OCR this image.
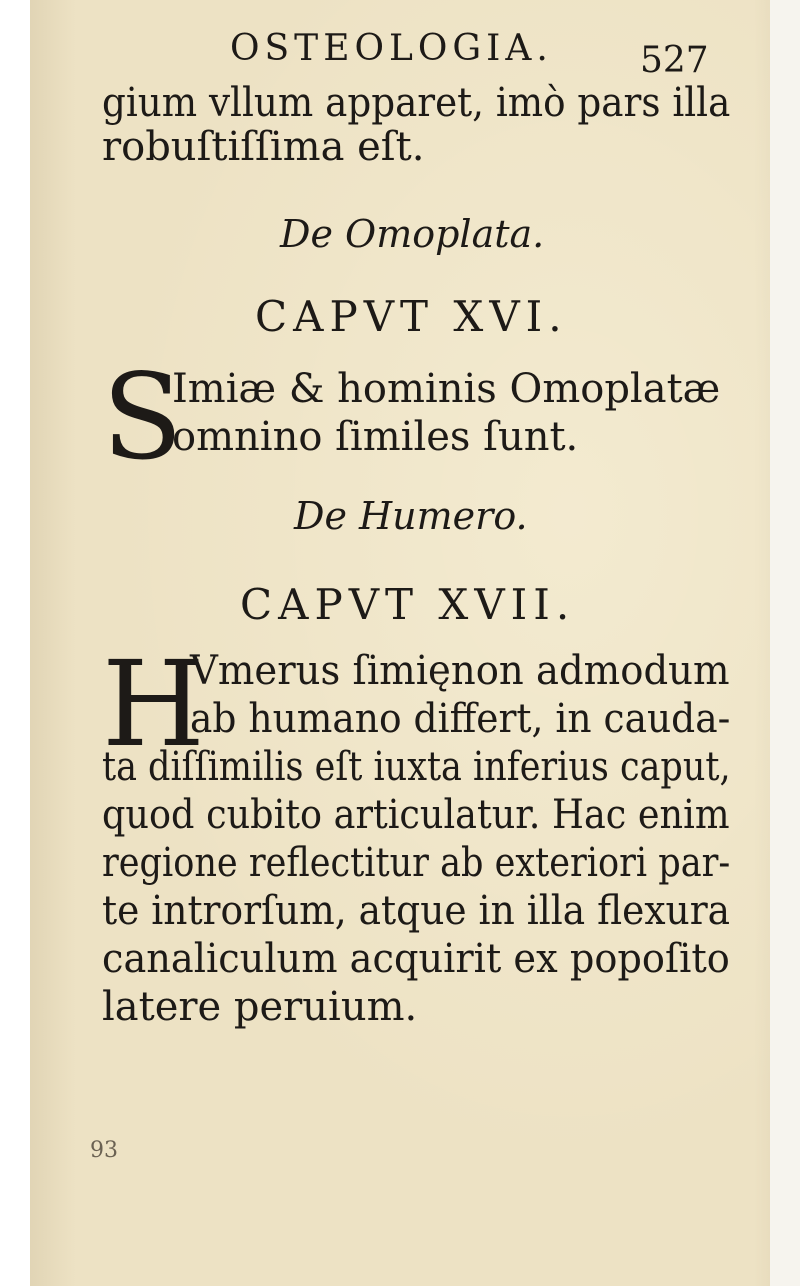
OSTEOLOGIA. 527
gium vllum apparet, imò pars illa
robuſtiſſima eſt.
De Omoplata.
CAPVT XVI.
S
Imiæ & hominis Omoplatæ
omnino ſimiles ſunt.
De Humero.
CAPVT XVII.
H
Vmerus ſimięnon admodum
ab humano differt, in cauda-
ta diſſimilis eſt iuxta inferius caput,
quod cubito articulatur. Hac enim
regione reflectitur ab exteriori par-
te introrſum, atque in illa flexura
canaliculum acquirit ex popoſito
latere peruium.
93
